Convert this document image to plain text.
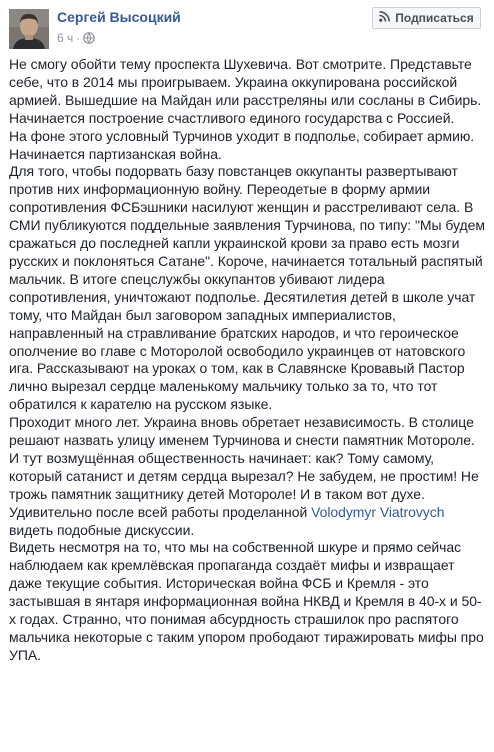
Сергей Высоцкий
6 ч ·
Подписаться

Не смогу обойти тему проспекта Шухевича. Вот смотрите. Представьте себе, что в 2014 мы проигрываем. Украина оккупирована российской армией. Вышедшие на Майдан или расстреляны или сосланы в Сибирь. Начинается построение счастливого единого государства с Россией.

На фоне этого условный Турчинов уходит в подполье, собирает армию. Начинается партизанская война.

Для того, чтобы подорвать базу повстанцев оккупанты развертывают против них информационную войну. Переодетые в форму армии сопротивления ФСБэшники насилуют женщин и расстреливают села. В СМИ публикуются поддельные заявления Турчинова, по типу: "Мы будем сражаться до последней капли украинской крови за право есть мозги русских и поклоняться Сатане". Короче, начинается тотальный распятый мальчик. В итоге спецслужбы оккупантов убивают лидера сопротивления, уничтожают подполье. Десятилетия детей в школе учат тому, что Майдан был заговором западных империалистов, направленный на стравливание братских народов, и что героическое ополчение во главе с Моторолой освободило украинцев от натовского ига. Рассказывают на уроках о том, как в Славянске Кровавый Пастор лично вырезал сердце маленькому мальчику только за то, что тот обратился к карателю на русском языке.

Проходит много лет. Украина вновь обретает независимость. В столице решают назвать улицу именем Турчинова и снести памятник Моторолe. И тут возмущённая общественность начинает: как? Тому самому, который сатанист и детям сердца вырезал? Не забудем, не простим! Не трожь памятник защитнику детей Моторолe! И в таком вот духе.

Удивительно после всей работы проделанной Volodymyr Viatrovych видеть подобные дискуссии.

Видеть несмотря на то, что мы на собственной шкуре и прямо сейчас наблюдаем как кремлёвская пропаганда создаёт мифы и извращает даже текущие события. Историческая война ФСБ и Кремля - это застывшая в янтаря информационная война НКВД и Кремля в 40-х и 50-х годах. Странно, что понимая абсурдность страшилок про распятого мальчика некоторые с таким упором прободают тиражировать мифы про УПА.
